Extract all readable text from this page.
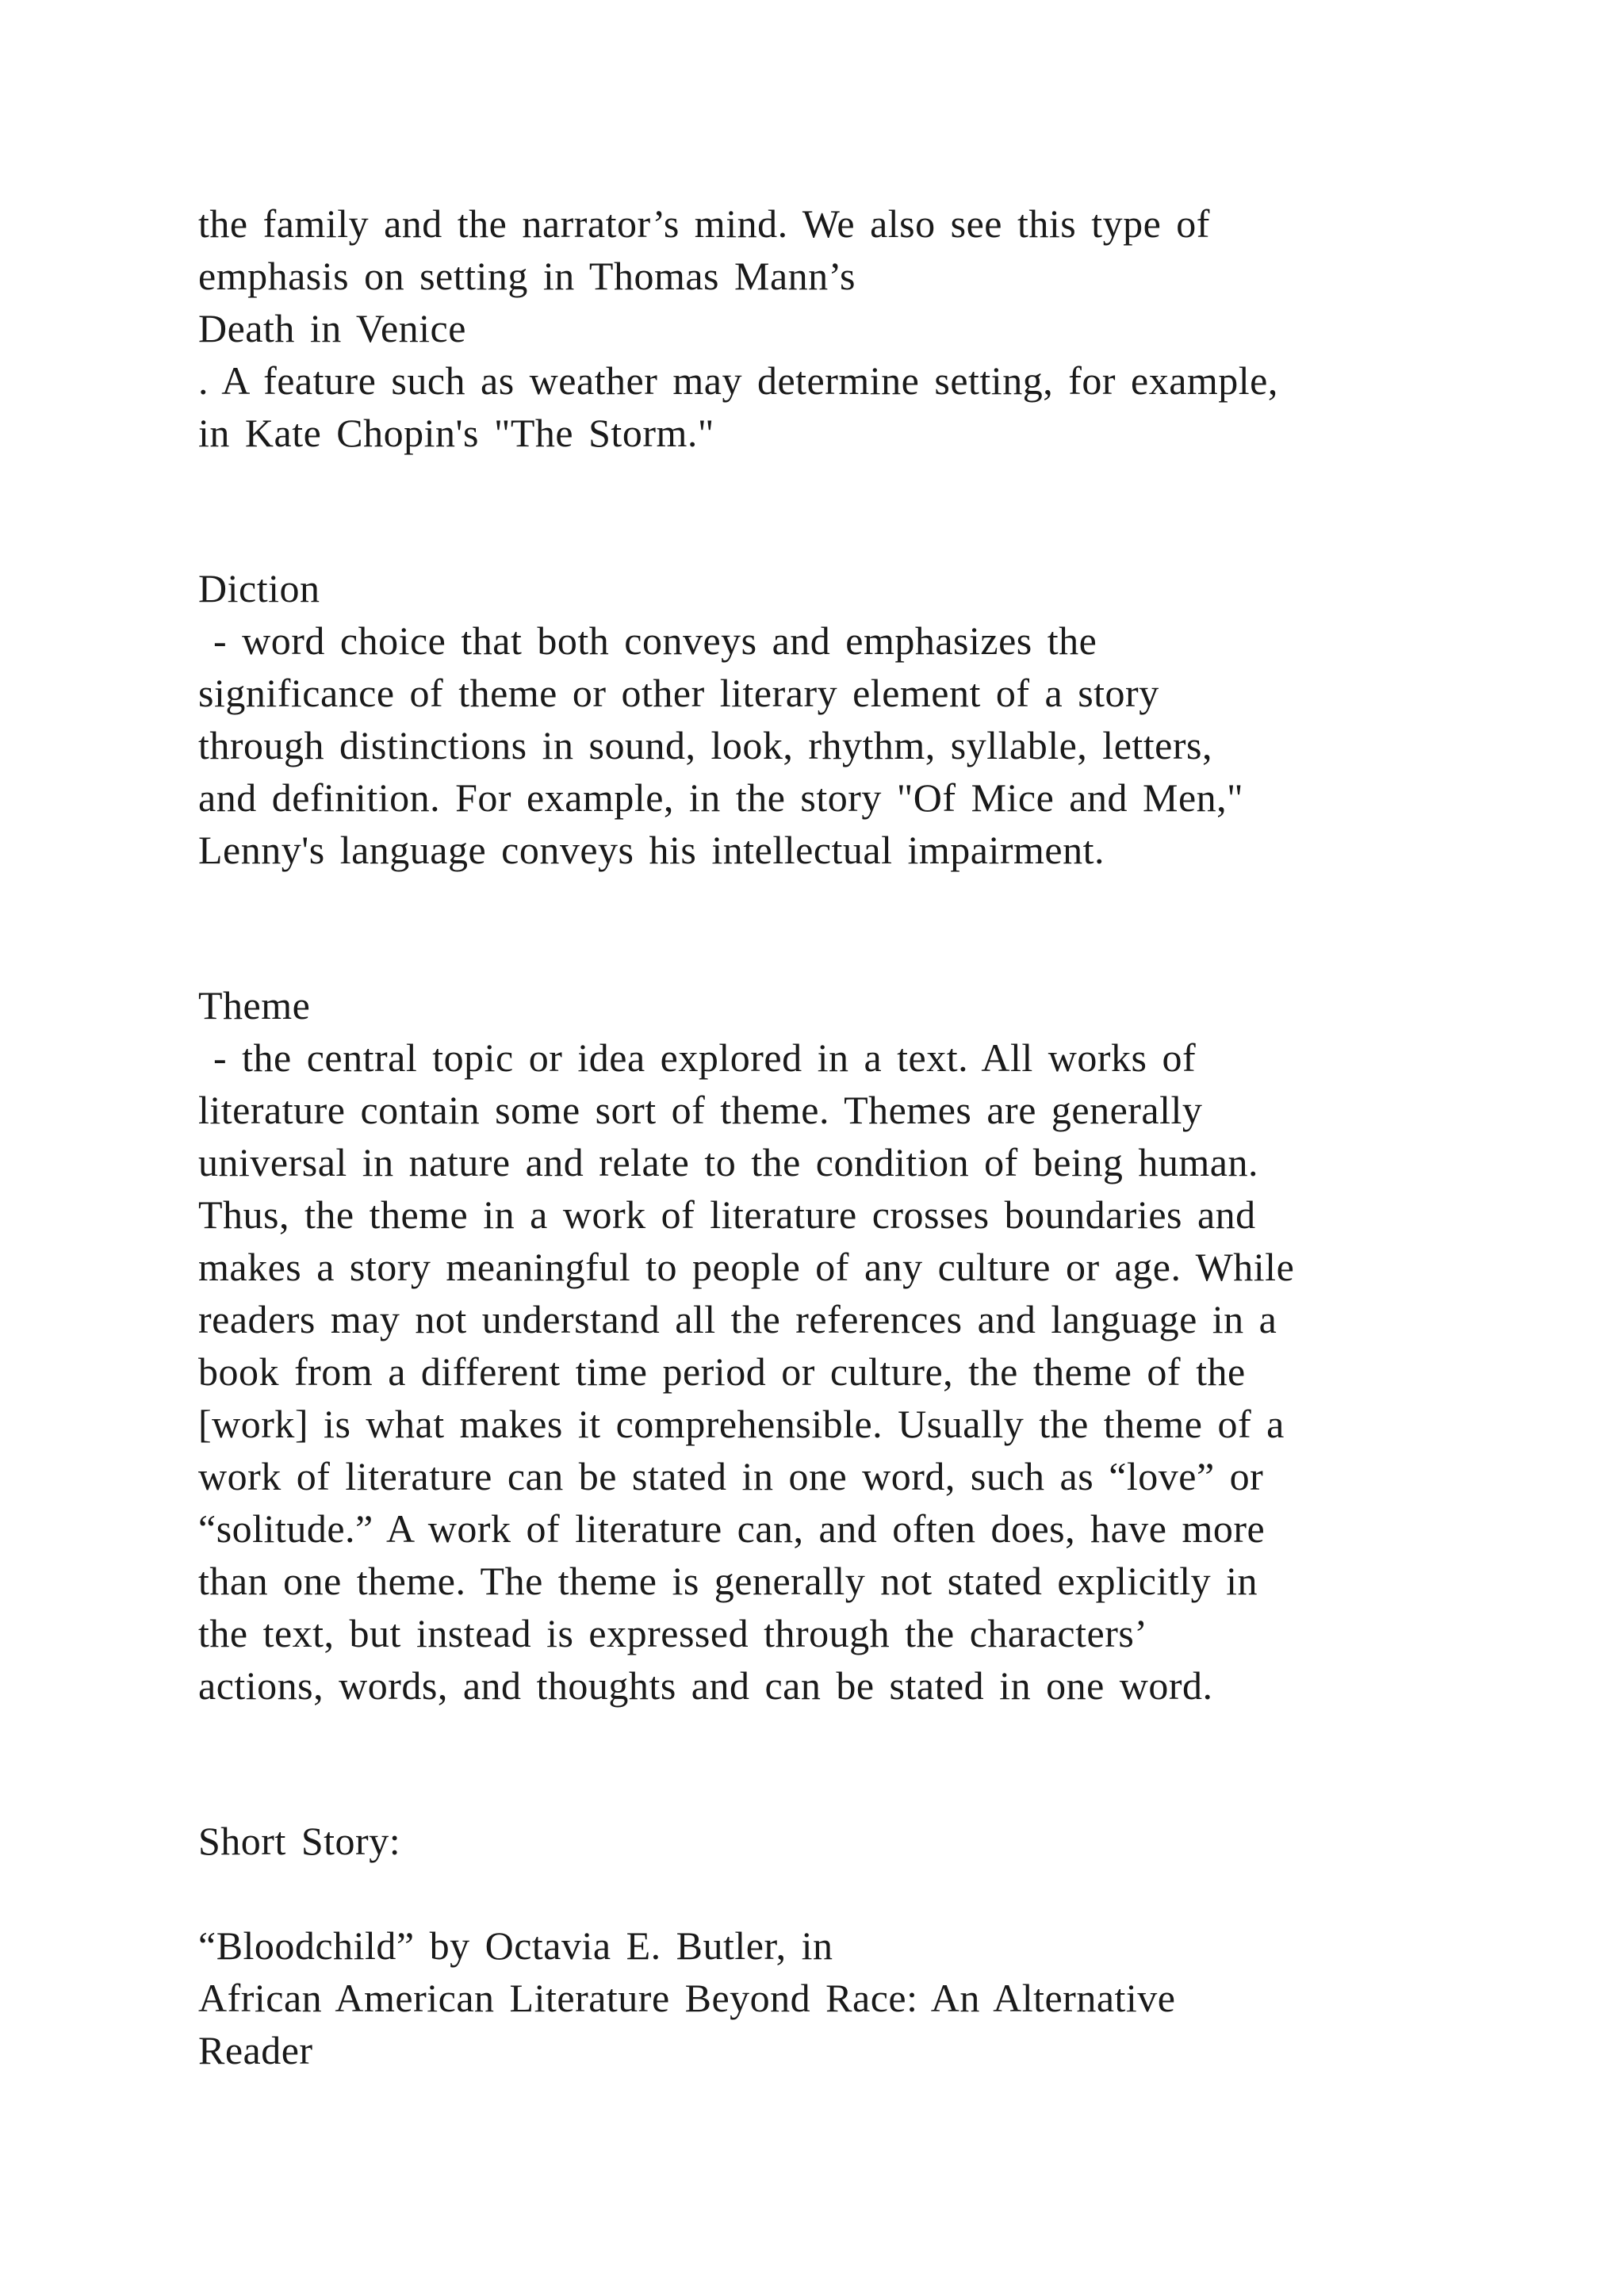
the family and the narrator’s mind. We also see this type of

emphasis on setting in Thomas Mann’s

Death in Venice

. A feature such as weather may determine setting, for example,

in Kate Chopin's "The Storm."

Diction

- word choice that both conveys and emphasizes the

significance of theme or other literary element of a story

through distinctions in sound, look, rhythm, syllable, letters,

and definition. For example, in the story "Of Mice and Men,"

Lenny's language conveys his intellectual impairment.

Theme

- the central topic or idea explored in a text. All works of

literature contain some sort of theme. Themes are generally

universal in nature and relate to the condition of being human.

Thus, the theme in a work of literature crosses boundaries and

makes a story meaningful to people of any culture or age. While

readers may not understand all the references and language in a

book from a different time period or culture, the theme of the

[work] is what makes it comprehensible. Usually the theme of a

work of literature can be stated in one word, such as “love” or

“solitude.” A work of literature can, and often does, have more

than one theme. The theme is generally not stated explicitly in

the text, but instead is expressed through the characters’

actions, words, and thoughts and can be stated in one word.

Short Story:

“Bloodchild” by Octavia E. Butler, in

African American Literature Beyond Race: An Alternative

Reader
